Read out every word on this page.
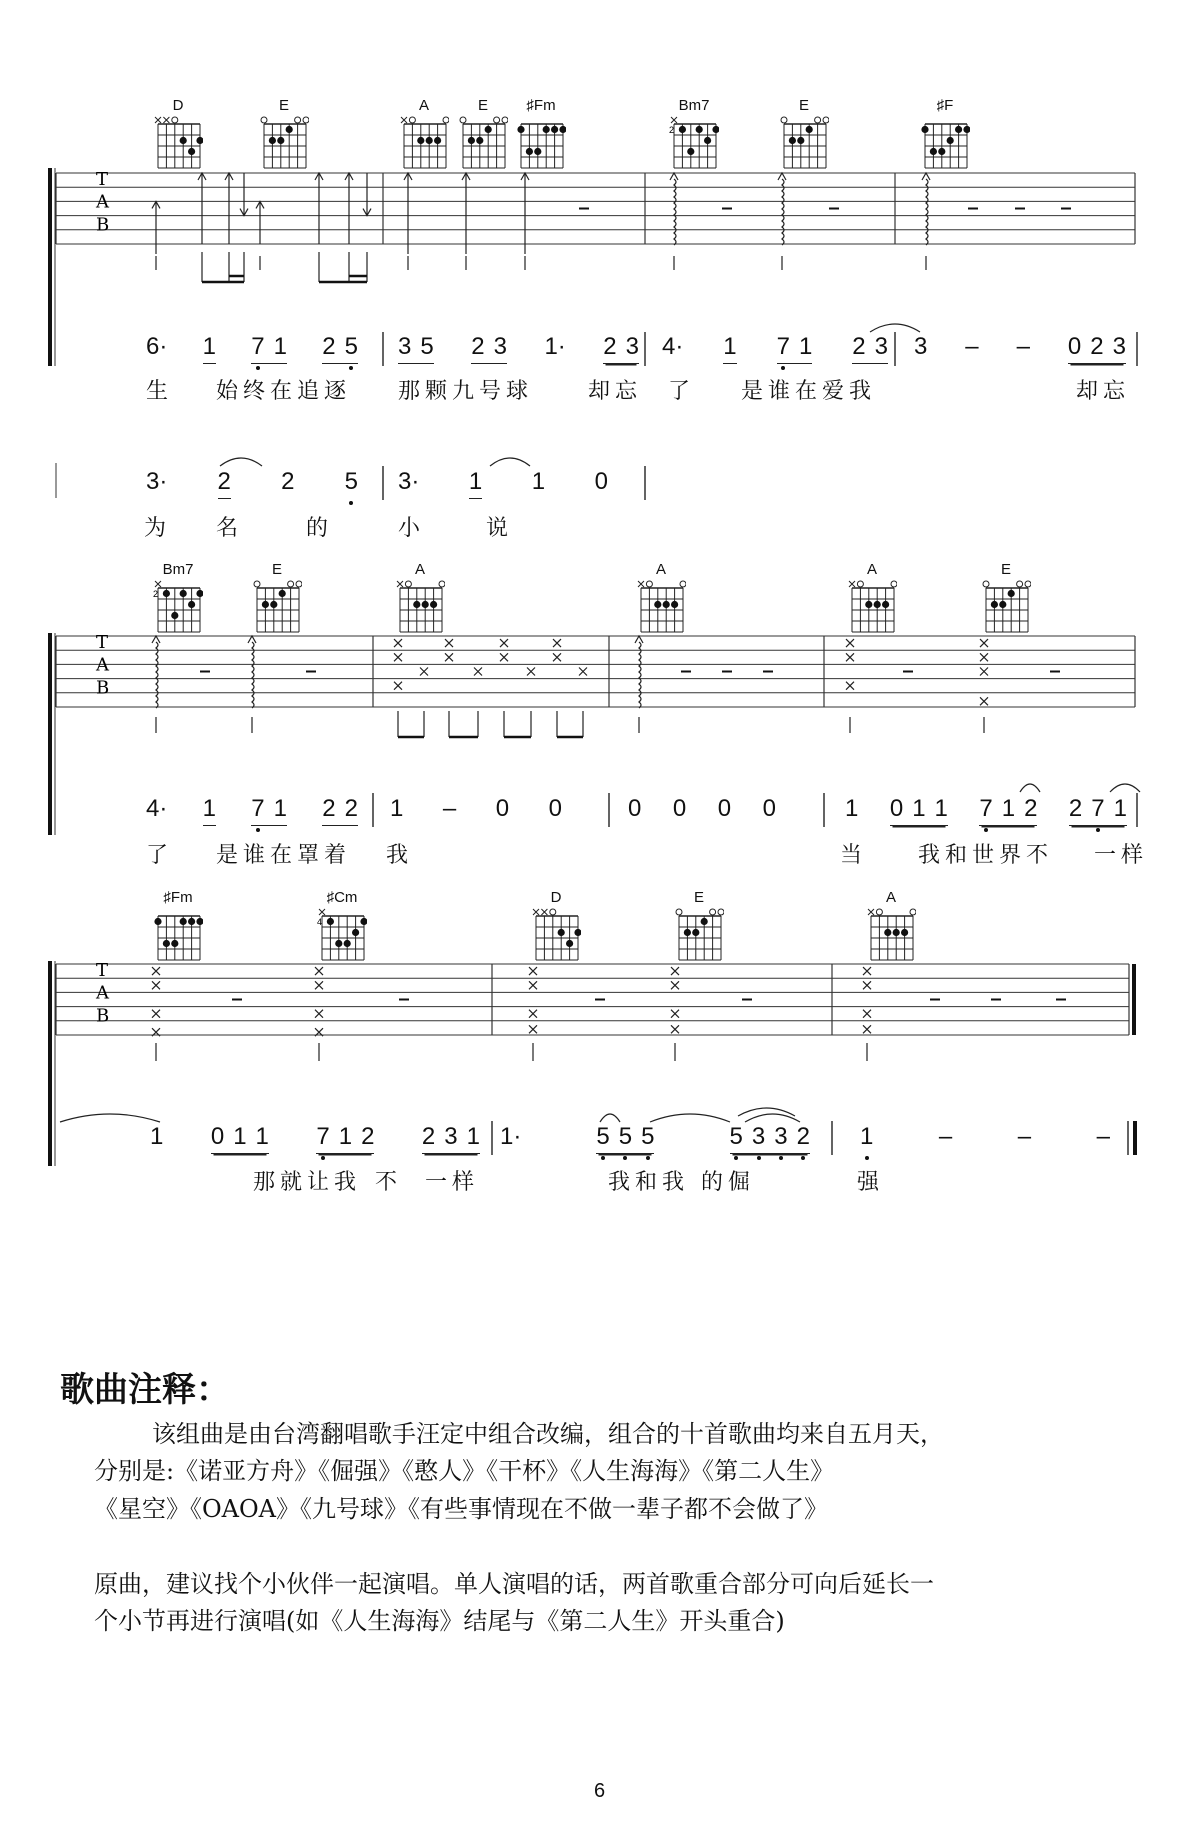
T
A
B
T
A
B
T
A
B
D	E	A	E	♯Fm	Bm7
2
E	♯F
Bm7
2
E	A	A	A	E
♯Fm	♯Cm
4
D	E	A
6· 1 7 1 2 5 3 5 2 3 1· 2 3 4· 1 7 1 2 3 3 – – 0 2 3
3· 2 2 5 3· 1 1 0
4· 1 7 1 2 2 1 – 0 0	0 0 0 0	1 0 1 1 7 1 2 2 7 1
1 0 1 1 7 1 2 2 3 1 1·	5 5 5	5 3 3 2 1	–	–	–
生 始终在追逐 那颗九号球 却忘 了 是谁在爱我	却忘
为 名	的	小	说
了 是谁在罩着 我	当 我和世界不 一样
那就让我 不 一样	我和我 的倔	强
歌曲注释：
该组曲是由台湾翻唱歌手汪定中组合改编，组合的十首歌曲均来自五月天，
分别是:《诺亚方舟》《倔强》《憨人》《干杯》《人生海海》《第二人生》
《星空》《OAOA》《九号球》《有些事情现在不做一辈子都不会做了》
原曲，建议找个小伙伴一起演唱。单人演唱的话，两首歌重合部分可向后延长一
个小节再进行演唱(如《人生海海》结尾与《第二人生》开头重合)
6
